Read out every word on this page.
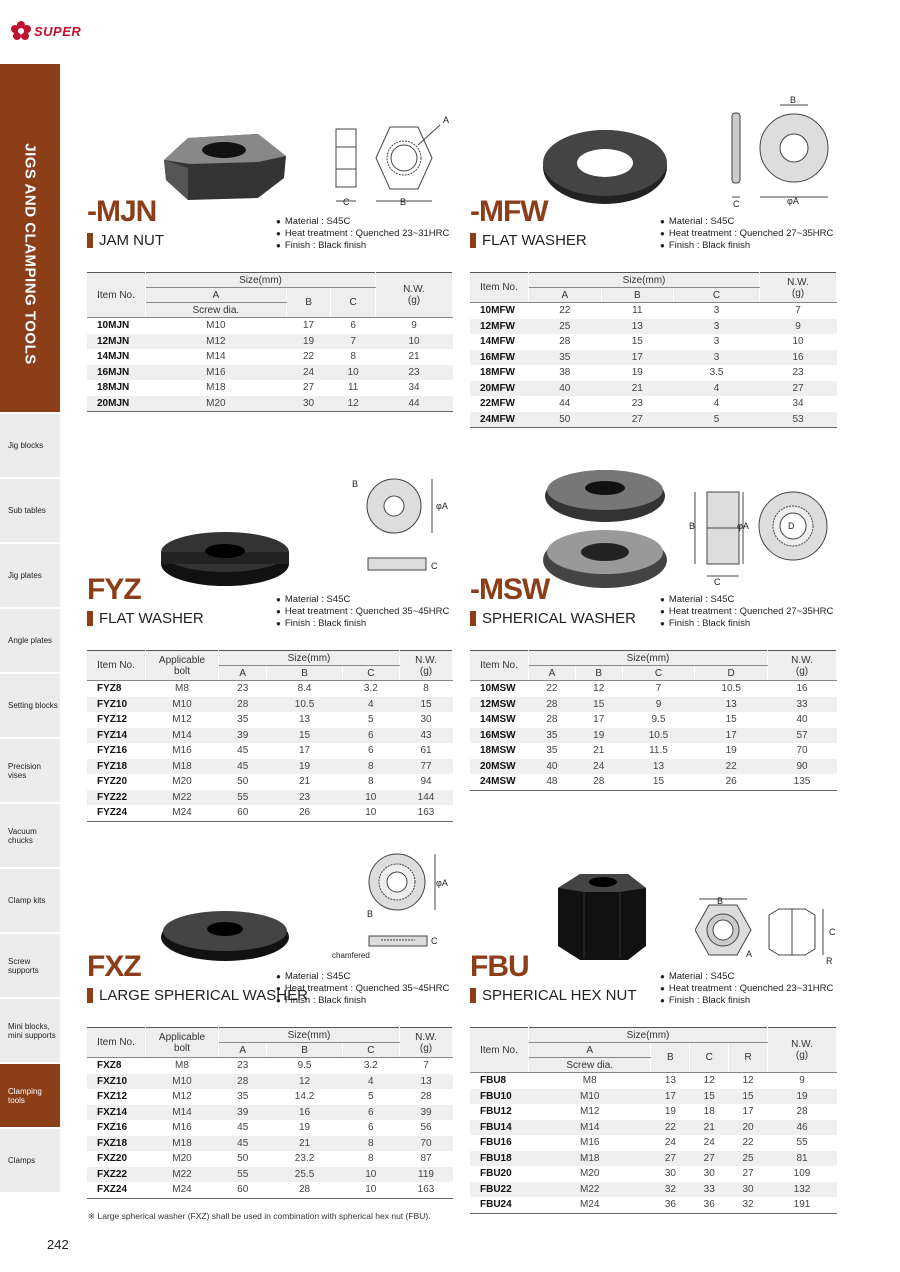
SUPER
JIGS AND CLAMPING TOOLS
Jig blocks
Sub tables
Jig plates
Angle plates
Setting blocks
Precision vises
Vacuum chucks
Clamp kits
Screw supports
Mini blocks, mini supports
Clamping tools
Clamps
242
A
C	B
-MJN
JAM NUT
● Material : S45C
● Heat treatment : Quenched 23~31HRC
● Finish : Black finish
Item No.	Size(mm)			N.W.
(g)
	A	B	C	
	Screw dia.			
10MJN	M10	17	6	9
12MJN	M12	19	7	10
14MJN	M14	22	8	21
16MJN	M16	24	10	23
18MJN	M18	27	11	34
20MJN	M20	30	12	44
B
C	φA
-MFW
FLAT WASHER
● Material : S45C
● Heat treatment : Quenched 27~35HRC
● Finish : Black finish
Item No.	Size(mm)			N.W.
(g)
	A	B	C	
10MFW	22	11	3	7
12MFW	25	13	3	9
14MFW	28	15	3	10
16MFW	35	17	3	16
18MFW	38	19	3.5	23
20MFW	40	21	4	27
22MFW	44	23	4	34
24MFW	50	27	5	53
B
φA
C
FYZ
FLAT WASHER
● Material : S45C
● Heat treatment : Quenched 35~45HRC
● Finish : Black finish
Item No.	Applicable
bolt	Size(mm)			N.W.
(g)
		A	B	C	
FYZ8	M8	23	8.4	3.2	8
FYZ10	M10	28	10.5	4	15
FYZ12	M12	35	13	5	30
FYZ14	M14	39	15	6	43
FYZ16	M16	45	17	6	61
FYZ18	M18	45	19	8	77
FYZ20	M20	50	21	8	94
FYZ22	M22	55	23	10	144
FYZ24	M24	60	26	10	163
B	φA	D
C
-MSW
SPHERICAL WASHER
● Material : S45C
● Heat treatment : Quenched 27~35HRC
● Finish : Black finish
Item No.	Size(mm)				N.W.
(g)
	A	B	C	D	
10MSW	22	12	7	10.5	16
12MSW	28	15	9	13	33
14MSW	28	17	9.5	15	40
16MSW	35	19	10.5	17	57
18MSW	35	21	11.5	19	70
20MSW	40	24	13	22	90
24MSW	48	28	15	26	135
φA
B
C
chamfered
FXZ
LARGE SPHERICAL WASHER
● Material : S45C
● Heat treatment : Quenched 35~45HRC
● Finish : Black finish
Item No.	Applicable
bolt	Size(mm)			N.W.
(g)
		A	B	C	
FXZ8	M8	23	9.5	3.2	7
FXZ10	M10	28	12	4	13
FXZ12	M12	35	14.2	5	28
FXZ14	M14	39	16	6	39
FXZ16	M16	45	19	6	56
FXZ18	M18	45	21	8	70
FXZ20	M20	50	23.2	8	87
FXZ22	M22	55	25.5	10	119
FXZ24	M24	60	28	10	163
※ Large spherical washer (FXZ) shall be used in combination with spherical hex nut (FBU).
B
A
C
R
FBU
SPHERICAL HEX NUT
● Material : S45C
● Heat treatment : Quenched 23~31HRC
● Finish : Black finish
Item No.	Size(mm)				N.W.
(g)
	A	B	C	R	
	Screw dia.				
FBU8	M8	13	12	12	9
FBU10	M10	17	15	15	19
FBU12	M12	19	18	17	28
FBU14	M14	22	21	20	46
FBU16	M16	24	24	22	55
FBU18	M18	27	27	25	81
FBU20	M20	30	30	27	109
FBU22	M22	32	33	30	132
FBU24	M24	36	36	32	191
